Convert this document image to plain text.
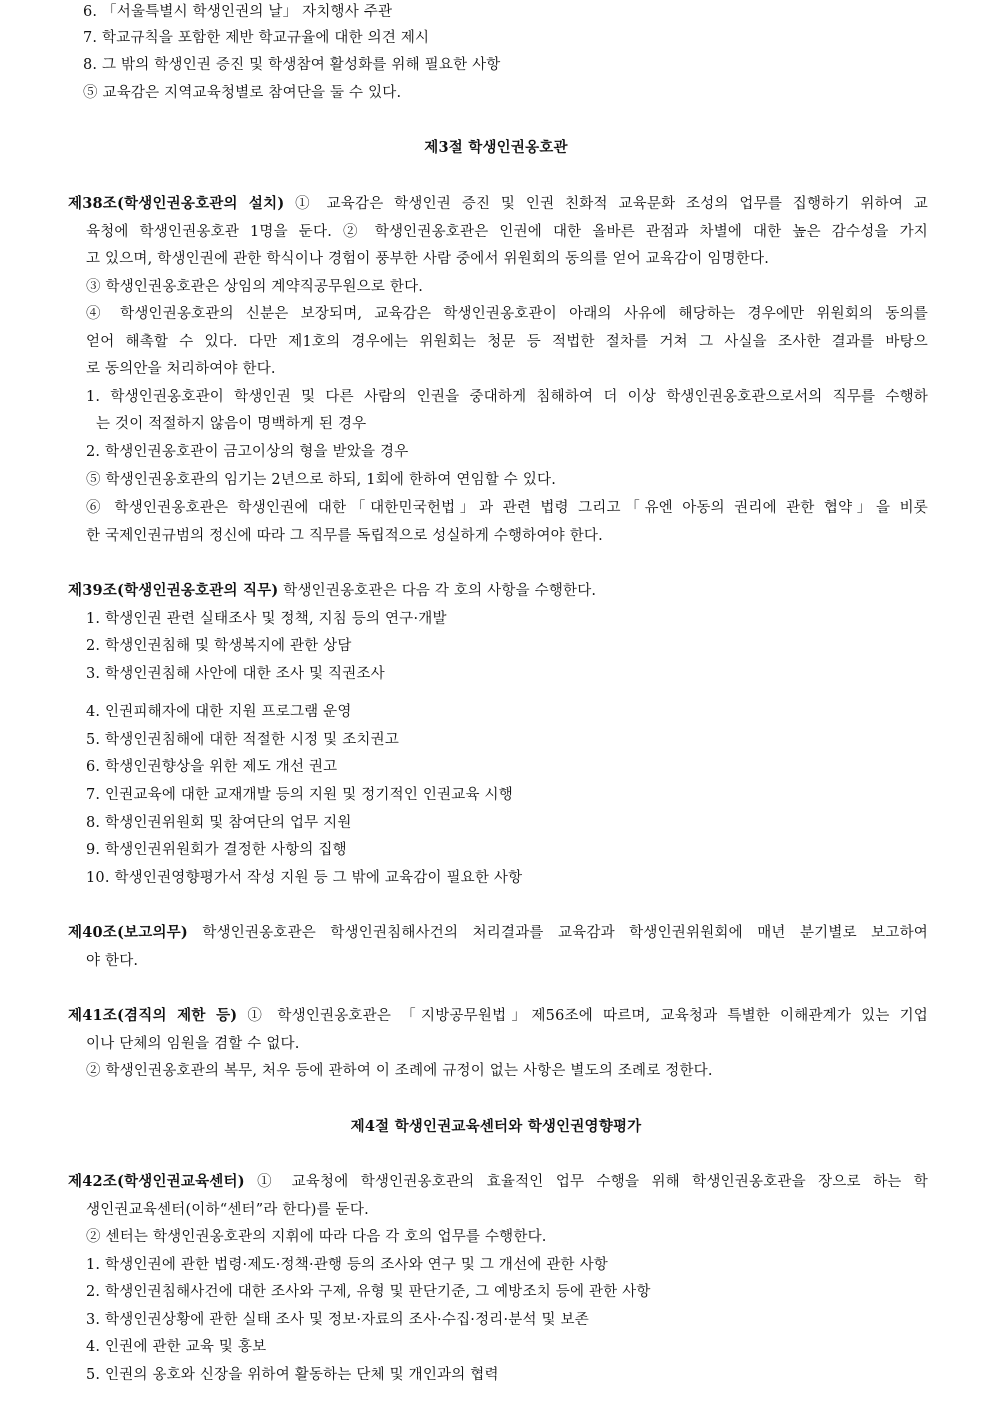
6. 「서울특별시 학생인권의 날」 자치행사 주관
7. 학교규칙을 포함한 제반 학교규율에 대한 의견 제시
8. 그 밖의 학생인권 증진 및 학생참여 활성화를 위해 필요한 사항
⑤ 교육감은 지역교육청별로 참여단을 둘 수 있다.
제3절 학생인권옹호관
제38조(학생인권옹호관의 설치) ① 교육감은 학생인권 증진 및 인권 친화적 교육문화 조성의 업무를 집행하기 위하여 교
육청에 학생인권옹호관 1명을 둔다. ② 학생인권옹호관은 인권에 대한 올바른 관점과 차별에 대한 높은 감수성을 가지
고 있으며, 학생인권에 관한 학식이나 경험이 풍부한 사람 중에서 위원회의 동의를 얻어 교육감이 임명한다.
③ 학생인권옹호관은 상임의 계약직공무원으로 한다.
④ 학생인권옹호관의 신분은 보장되며, 교육감은 학생인권옹호관이 아래의 사유에 해당하는 경우에만 위원회의 동의를
얻어 해촉할 수 있다. 다만 제1호의 경우에는 위원회는 청문 등 적법한 절차를 거쳐 그 사실을 조사한 결과를 바탕으
로 동의안을 처리하여야 한다.
1. 학생인권옹호관이 학생인권 및 다른 사람의 인권을 중대하게 침해하여 더 이상 학생인권옹호관으로서의 직무를 수행하
는 것이 적절하지 않음이 명백하게 된 경우
2. 학생인권옹호관이 금고이상의 형을 받았을 경우
⑤ 학생인권옹호관의 임기는 2년으로 하되, 1회에 한하여 연임할 수 있다.
⑥ 학생인권옹호관은 학생인권에 대한「대한민국헌법」과 관련 법령 그리고「유엔 아동의 권리에 관한 협약」을 비롯
한 국제인권규범의 정신에 따라 그 직무를 독립적으로 성실하게 수행하여야 한다.
제39조(학생인권옹호관의 직무) 학생인권옹호관은 다음 각 호의 사항을 수행한다.
1. 학생인권 관련 실태조사 및 정책, 지침 등의 연구·개발
2. 학생인권침해 및 학생복지에 관한 상담
3. 학생인권침해 사안에 대한 조사 및 직권조사
4. 인권피해자에 대한 지원 프로그램 운영
5. 학생인권침해에 대한 적절한 시정 및 조치권고
6. 학생인권향상을 위한 제도 개선 권고
7. 인권교육에 대한 교재개발 등의 지원 및 정기적인 인권교육 시행
8. 학생인권위원회 및 참여단의 업무 지원
9. 학생인권위원회가 결정한 사항의 집행
10. 학생인권영향평가서 작성 지원 등 그 밖에 교육감이 필요한 사항
제40조(보고의무) 학생인권옹호관은 학생인권침해사건의 처리결과를 교육감과 학생인권위원회에 매년 분기별로 보고하여
야 한다.
제41조(겸직의 제한 등) ① 학생인권옹호관은 「지방공무원법」제56조에 따르며, 교육청과 특별한 이해관계가 있는 기업
이나 단체의 임원을 겸할 수 없다.
② 학생인권옹호관의 복무, 처우 등에 관하여 이 조례에 규정이 없는 사항은 별도의 조례로 정한다.
제4절 학생인권교육센터와 학생인권영향평가
제42조(학생인권교육센터) ① 교육청에 학생인권옹호관의 효율적인 업무 수행을 위해 학생인권옹호관을 장으로 하는 학
생인권교육센터(이하“센터”라 한다)를 둔다.
② 센터는 학생인권옹호관의 지휘에 따라 다음 각 호의 업무를 수행한다.
1. 학생인권에 관한 법령·제도·정책·관행 등의 조사와 연구 및 그 개선에 관한 사항
2. 학생인권침해사건에 대한 조사와 구제, 유형 및 판단기준, 그 예방조치 등에 관한 사항
3. 학생인권상황에 관한 실태 조사 및 정보·자료의 조사·수집·정리·분석 및 보존
4. 인권에 관한 교육 및 홍보
5. 인권의 옹호와 신장을 위하여 활동하는 단체 및 개인과의 협력
